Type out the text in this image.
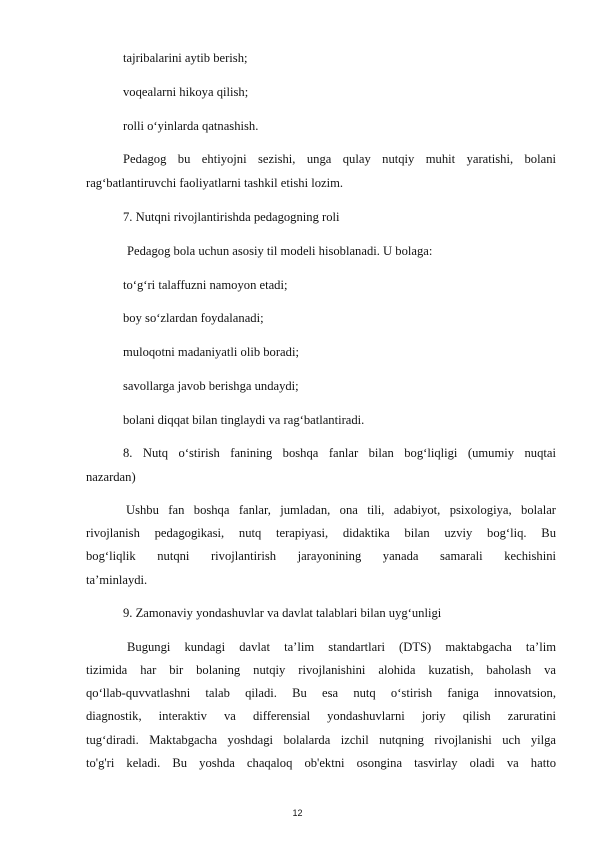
tajribalarini aytib berish;
voqealarni hikoya qilish;
rolli o‘yinlarda qatnashish.
Pedagog bu ehtiyojni sezishi, unga qulay nutqiy muhit yaratishi, bolani
rag‘batlantiruvchi faoliyatlarni tashkil etishi lozim.
7. Nutqni rivojlantirishda pedagogning roli
Pedagog bola uchun asosiy til modeli hisoblanadi. U bolaga:
to‘g‘ri talaffuzni namoyon etadi;
boy so‘zlardan foydalanadi;
muloqotni madaniyatli olib boradi;
savollarga javob berishga undaydi;
bolani diqqat bilan tinglaydi va rag‘batlantiradi.
8. Nutq o‘stirish fanining boshqa fanlar bilan bog‘liqligi (umumiy nuqtai
nazardan)
Ushbu fan boshqa fanlar, jumladan, ona tili, adabiyot, psixologiya, bolalar
rivojlanish pedagogikasi, nutq terapiyasi, didaktika bilan uzviy bog‘liq. Bu
bog‘liqlik nutqni rivojlantirish jarayonining yanada samarali kechishini
ta’minlaydi.
9. Zamonaviy yondashuvlar va davlat talablari bilan uyg‘unligi
Bugungi kundagi davlat ta’lim standartlari (DTS) maktabgacha ta’lim
tizimida har bir bolaning nutqiy rivojlanishini alohida kuzatish, baholash va
qo‘llab-quvvatlashni talab qiladi. Bu esa nutq o‘stirish faniga innovatsion,
diagnostik, interaktiv va differensial yondashuvlarni joriy qilish zaruratini
tug‘diradi. Maktabgacha yoshdagi bolalarda izchil nutqning rivojlanishi uch yilga
to'g'ri keladi. Bu yoshda chaqaloq ob'ektni osongina tasvirlay oladi va hatto
12
